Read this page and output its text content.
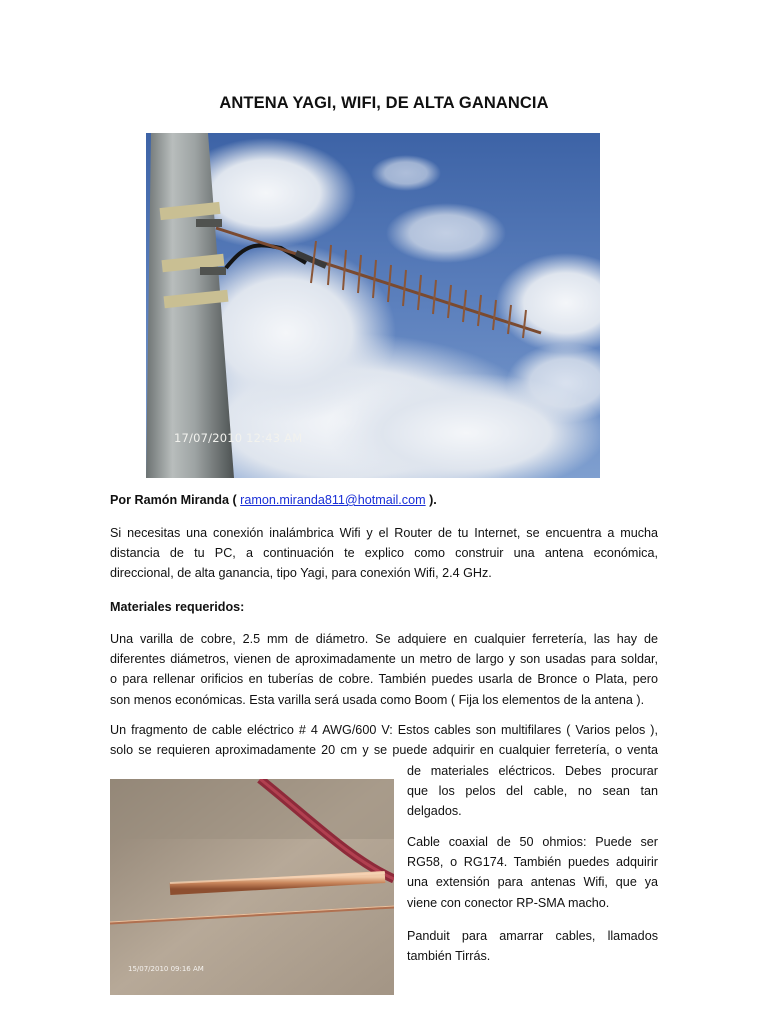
ANTENA YAGI, WIFI, DE ALTA GANANCIA
17/07/2010 12:43 AM
Por Ramón Miranda ( ramon.miranda811@hotmail.com ).
Si necesitas una conexión inalámbrica Wifi y el Router de tu Internet, se encuentra a mucha
distancia de tu PC, a continuación te explico como construir una antena económica,
direccional, de alta ganancia, tipo Yagi, para conexión Wifi, 2.4 GHz.
Materiales requeridos:
Una varilla de cobre, 2.5 mm de diámetro. Se adquiere en cualquier ferretería, las hay de
diferentes diámetros, vienen de aproximadamente un metro de largo y son usadas para soldar,
o para rellenar orificios en tuberías de cobre. También puedes usarla de Bronce o Plata, pero
son menos económicas. Esta varilla será usada como Boom ( Fija los elementos de la antena ).
Un fragmento de cable eléctrico # 4 AWG/600 V: Estos cables son multifilares ( Varios pelos ),
solo se requieren aproximadamente 20 cm y se puede adquirir en cualquier ferretería, o venta
15/07/2010 09:16 AM
de materiales eléctricos. Debes procurar
que los pelos del cable, no sean tan
delgados.
Cable coaxial de 50 ohmios: Puede ser
RG58, o RG174. También puedes adquirir
una extensión para antenas Wifi, que ya
viene con conector RP-SMA macho.
Panduit para amarrar cables, llamados
también Tirrás.
